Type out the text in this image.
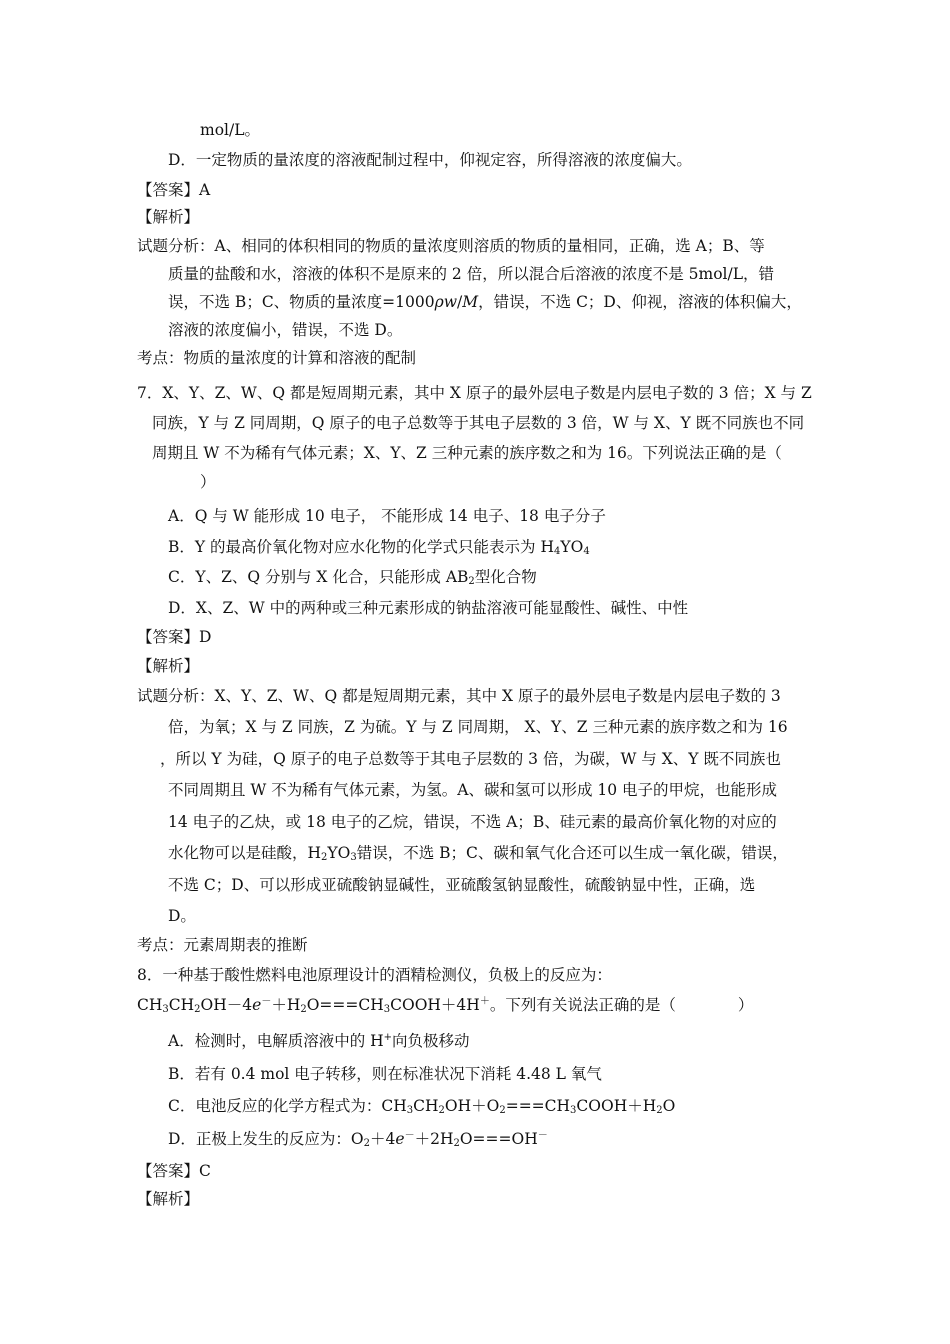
mol/L。
D．一定物质的量浓度的溶液配制过程中，仰视定容，所得溶液的浓度偏大。
【答案】A
【解析】
试题分析：A、相同的体积相同的物质的量浓度则溶质的物质的量相同，正确，选 A；B、等
质量的盐酸和水，溶液的体积不是原来的 2 倍，所以混合后溶液的浓度不是 5mol/L，错
误，不选 B；C、物质的量浓度=1000ρw/M，错误，不选 C；D、仰视，溶液的体积偏大，
溶液的浓度偏小，错误，不选 D。
考点：物质的量浓度的计算和溶液的配制
7．X、Y、Z、W、Q 都是短周期元素，其中 X 原子的最外层电子数是内层电子数的 3 倍；X 与 Z
同族，Y 与 Z 同周期，Q 原子的电子总数等于其电子层数的 3 倍，W 与 X、Y 既不同族也不同
周期且 W 不为稀有气体元素；X、Y、Z 三种元素的族序数之和为 16。下列说法正确的是（
）
A．Q 与 W 能形成 10 电子， 不能形成 14 电子、18 电子分子
B．Y 的最高价氧化物对应水化物的化学式只能表示为 $H_4YO_4$
C．Y、Z、Q 分别与 X 化合，只能形成 $AB_2$型化合物
D．X、Z、W 中的两种或三种元素形成的钠盐溶液可能显酸性、碱性、中性
【答案】D
【解析】
试题分析：X、Y、Z、W、Q 都是短周期元素，其中 X 原子的最外层电子数是内层电子数的 3
倍，为氧；X 与 Z 同族，Z 为硫。Y 与 Z 同周期， X、Y、Z 三种元素的族序数之和为 16
，所以 Y 为硅，Q 原子的电子总数等于其电子层数的 3 倍，为碳，W 与 X、Y 既不同族也
不同周期且 W 不为稀有气体元素，为氢。A、碳和氢可以形成 10 电子的甲烷，也能形成
14 电子的乙炔，或 18 电子的乙烷，错误，不选 A；B、硅元素的最高价氧化物的对应的
水化物可以是硅酸，$H_2YO_3$错误，不选 B；C、碳和氧气化合还可以生成一氧化碳，错误，
不选 C；D、可以形成亚硫酸钠显碱性，亚硫酸氢钠显酸性，硫酸钠显中性，正确，选
D。
考点：元素周期表的推断
8．一种基于酸性燃料电池原理设计的酒精检测仪，负极上的反应为：
$CH_3CH_2OH-4e^-+H_2O===CH_3COOH+4H^+$。下列有关说法正确的是（	）
A．检测时，电解质溶液中的 H+向负极移动
B．若有 0.4 mol 电子转移，则在标准状况下消耗 4.48 L 氧气
C．电池反应的化学方程式为：$CH_3CH_2OH+O_2===CH_3COOH+H_2O$
D．正极上发生的反应为：$O_2+4e^-+2H_2O===OH^-$
【答案】C
【解析】
